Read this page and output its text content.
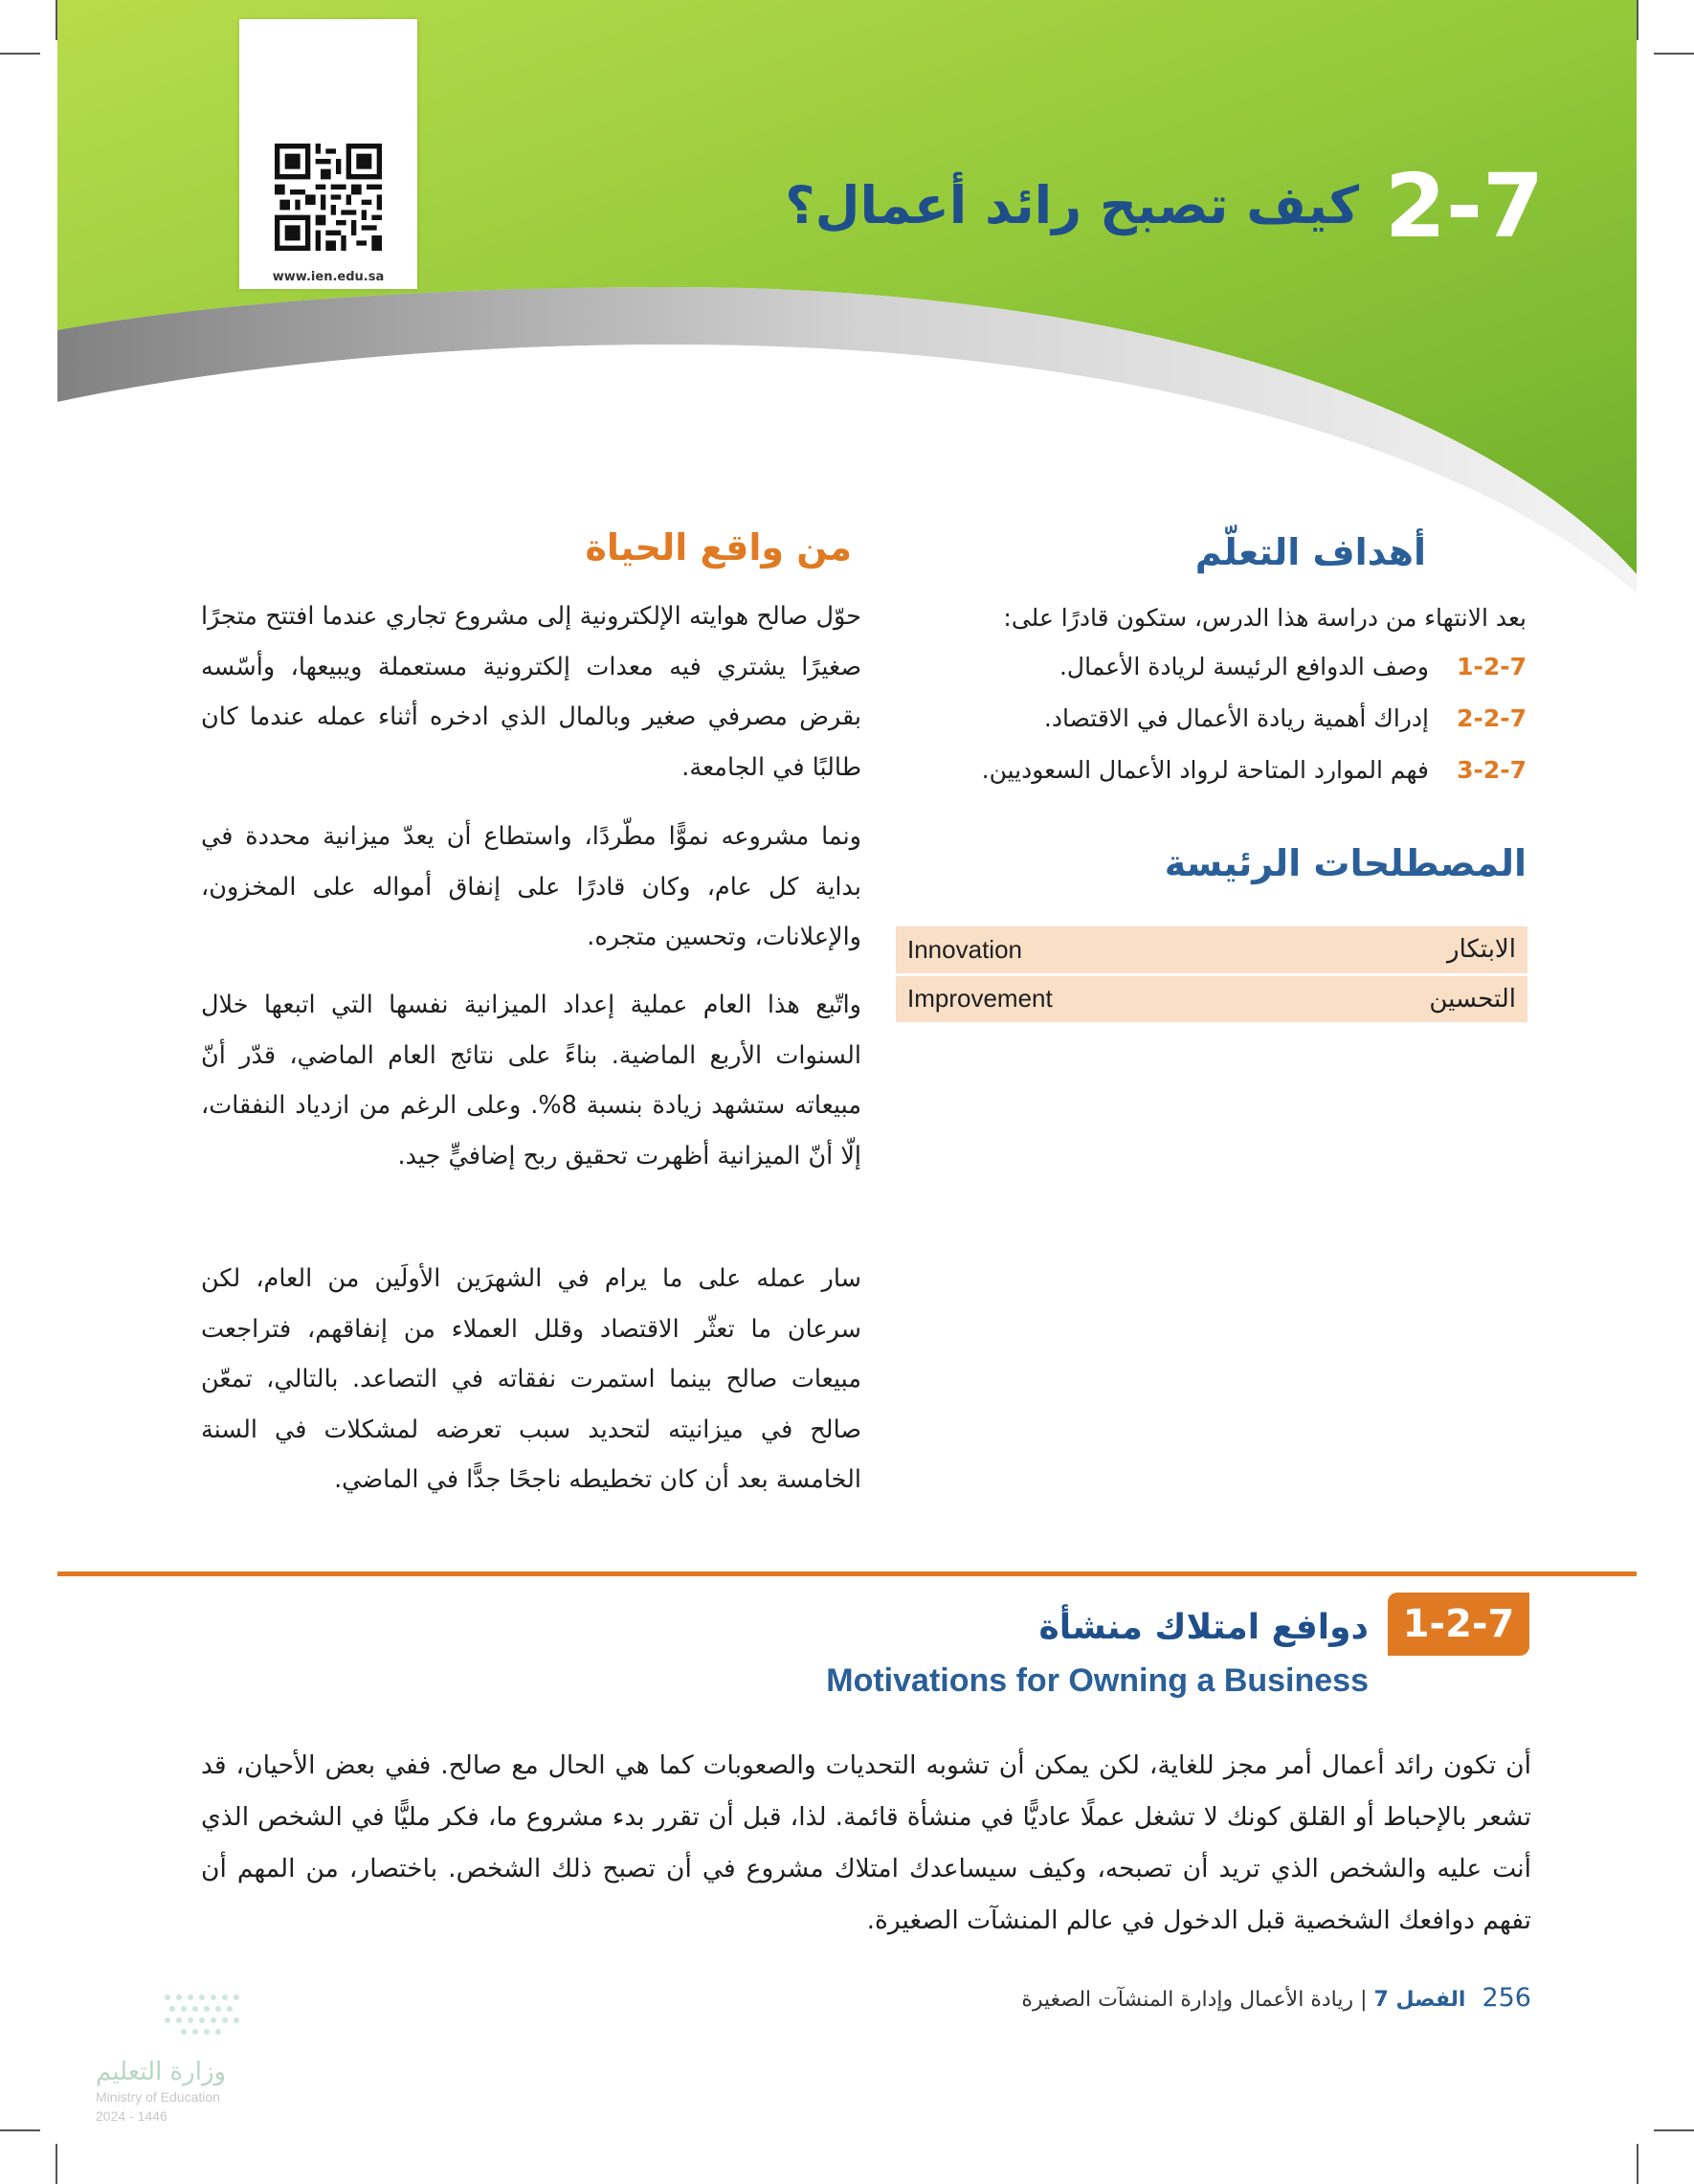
www.ien.edu.sa
2-7
كيف تصبح رائد أعمال؟
أهداف التعلّم
بعد الانتهاء من دراسة هذا الدرس، ستكون قادرًا على:
1-2-7
وصف الدوافع الرئيسة لريادة الأعمال.
2-2-7
إدراك أهمية ريادة الأعمال في الاقتصاد.
3-2-7
فهم الموارد المتاحة لرواد الأعمال السعوديين.
المصطلحات الرئيسة
الابتكار	Innovation
التحسين	Improvement
من واقع الحياة

حوّل صالح هوايته الإلكترونية إلى مشروع تجاري عندما افتتح متجرًا صغيرًا يشتري فيه معدات إلكترونية مستعملة ويبيعها، وأسّسه بقرض مصرفي صغير وبالمال الذي ادخره أثناء عمله عندما كان طالبًا في الجامعة.

ونما مشروعه نموًّا مطّردًا، واستطاع أن يعدّ ميزانية محددة في بداية كل عام، وكان قادرًا على إنفاق أمواله على المخزون، والإعلانات، وتحسين متجره.

واتّبع هذا العام عملية إعداد الميزانية نفسها التي اتبعها خلال السنوات الأربع الماضية. بناءً على نتائج العام الماضي، قدّر أنّ مبيعاته ستشهد زيادة بنسبة 8%. وعلى الرغم من ازدياد النفقات، إلّا أنّ الميزانية أظهرت تحقيق ربح إضافيٍّ جيد.

سار عمله على ما يرام في الشهرَين الأولَين من العام، لكن سرعان ما تعثّر الاقتصاد وقلل العملاء من إنفاقهم، فتراجعت مبيعات صالح بينما استمرت نفقاته في التصاعد. بالتالي، تمعّن صالح في ميزانيته لتحديد سبب تعرضه لمشكلات في السنة الخامسة بعد أن كان تخطيطه ناجحًا جدًّا في الماضي.

1-2-7
دوافع امتلاك منشأة
Motivations for Owning a Business

أن تكون رائد أعمال أمر مجز للغاية، لكن يمكن أن تشوبه التحديات والصعوبات كما هي الحال مع صالح. ففي بعض الأحيان، قد تشعر بالإحباط أو القلق كونك لا تشغل عملًا عاديًّا في منشأة قائمة. لذا، قبل أن تقرر بدء مشروع ما، فكر مليًّا في الشخص الذي أنت عليه والشخص الذي تريد أن تصبحه، وكيف سيساعدك امتلاك مشروع في أن تصبح ذلك الشخص. باختصار، من المهم أن تفهم دوافعك الشخصية قبل الدخول في عالم المنشآت الصغيرة.

256 الفصل 7 | ريادة الأعمال وإدارة المنشآت الصغيرة
وزارة التعليم
Ministry of Education
2024 - 1446
